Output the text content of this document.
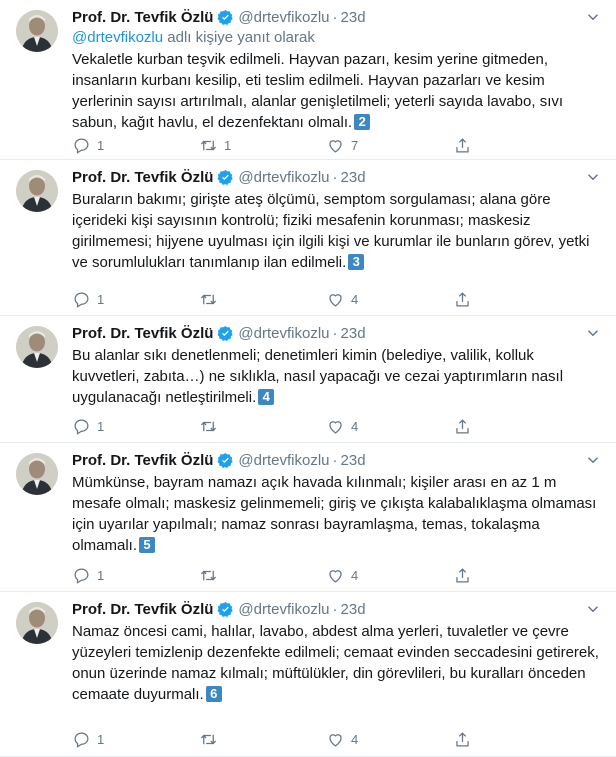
Prof. Dr. Tevfik Özlü @drtevfikozlu · 23d
@drtevfikozlu adlı kişiye yanıt olarak
Vekaletle kurban teşvik edilmeli. Hayvan pazarı, kesim yerine gitmeden, insanların kurbanı kesilip, eti teslim edilmeli. Hayvan pazarları ve kesim yerlerinin sayısı artırılmalı, alanlar genişletilmeli; yeterli sayıda lavabo, sıvı sabun, kağıt havlu, el dezenfektanı olmalı. 2
1	1	7
Prof. Dr. Tevfik Özlü @drtevfikozlu · 23d
Buraların bakımı; girişte ateş ölçümü, semptom sorgulaması; alana göre içerideki kişi sayısının kontrolü; fiziki mesafenin korunması; maskesiz girilmemesi; hijyene uyulması için ilgili kişi ve kurumlar ile bunların görev, yetki ve sorumlulukları tanımlanıp ilan edilmeli. 3
1	4
Prof. Dr. Tevfik Özlü @drtevfikozlu · 23d
Bu alanlar sıkı denetlenmeli; denetimleri kimin (belediye, valilik, kolluk kuvvetleri, zabıta…) ne sıklıkla, nasıl yapacağı ve cezai yaptırımların nasıl uygulanacağı netleştirilmeli. 4
1	4
Prof. Dr. Tevfik Özlü @drtevfikozlu · 23d
Mümkünse, bayram namazı açık havada kılınmalı; kişiler arası en az 1 m mesafe olmalı; maskesiz gelinmemeli; giriş ve çıkışta kalabalıklaşma olmaması için uyarılar yapılmalı; namaz sonrası bayramlaşma, temas, tokalaşma olmamalı. 5
1	4
Prof. Dr. Tevfik Özlü @drtevfikozlu · 23d
Namaz öncesi cami, halılar, lavabo, abdest alma yerleri, tuvaletler ve çevre yüzeyleri temizlenip dezenfekte edilmeli; cemaat evinden seccadesini getirerek, onun üzerinde namaz kılmalı; müftülükler, din görevlileri, bu kuralları önceden cemaate duyurmalı. 6
1	4
